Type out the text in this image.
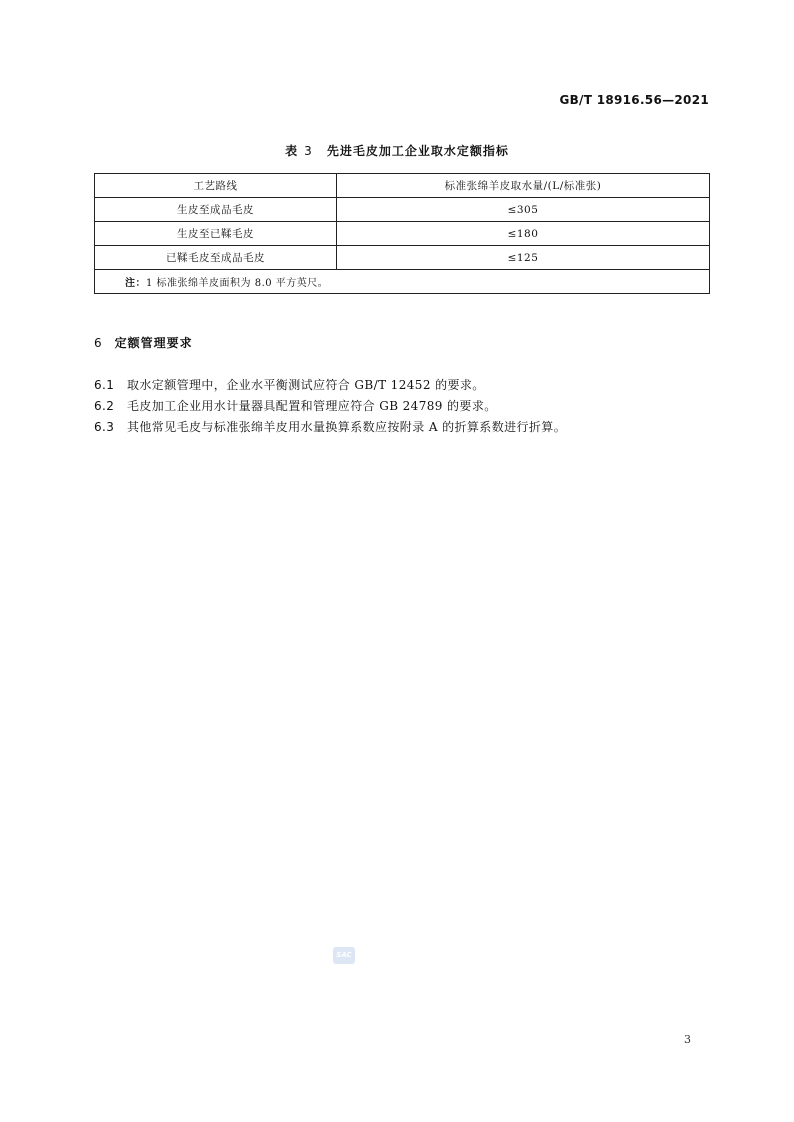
GB/T 18916.56—2021
表 3 先进毛皮加工企业取水定额指标
工艺路线	标准张绵羊皮取水量/(L/标准张)
生皮至成品毛皮	≤305
生皮至已鞣毛皮	≤180
已鞣毛皮至成品毛皮	≤125
注：1 标准张绵羊皮面积为 8.0 平方英尺。	
6 定额管理要求
6.1 取水定额管理中，企业水平衡测试应符合 GB/T 12452 的要求。
6.2 毛皮加工企业用水计量器具配置和管理应符合 GB 24789 的要求。
6.3 其他常见毛皮与标准张绵羊皮用水量换算系数应按附录 A 的折算系数进行折算。
SAC
3
